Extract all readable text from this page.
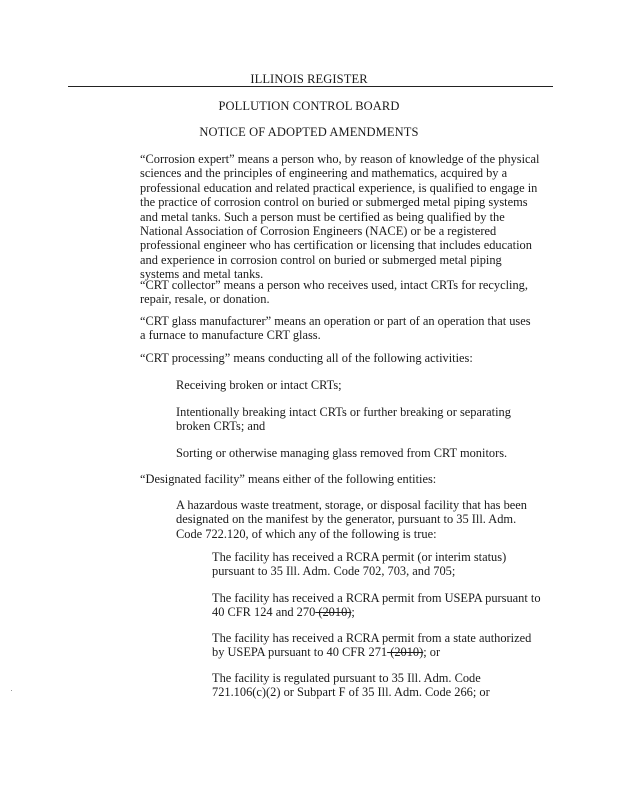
ILLINOIS REGISTER
POLLUTION CONTROL BOARD
NOTICE OF ADOPTED AMENDMENTS

“Corrosion expert” means a person who, by reason of knowledge of the physical sciences and the principles of engineering and mathematics, acquired by a professional education and related practical experience, is qualified to engage in the practice of corrosion control on buried or submerged metal piping systems and metal tanks. Such a person must be certified as being qualified by the National Association of Corrosion Engineers (NACE) or be a registered professional engineer who has certification or licensing that includes education and experience in corrosion control on buried or submerged metal piping systems and metal tanks.

“CRT collector” means a person who receives used, intact CRTs for recycling, repair, resale, or donation.

“CRT glass manufacturer” means an operation or part of an operation that uses a furnace to manufacture CRT glass.

“CRT processing” means conducting all of the following activities:

Receiving broken or intact CRTs;

Intentionally breaking intact CRTs or further breaking or separating broken CRTs; and

Sorting or otherwise managing glass removed from CRT monitors.

“Designated facility” means either of the following entities:

A hazardous waste treatment, storage, or disposal facility that has been designated on the manifest by the generator, pursuant to 35 Ill. Adm. Code 722.120, of which any of the following is true:

The facility has received a RCRA permit (or interim status) pursuant to 35 Ill. Adm. Code 702, 703, and 705;

The facility has received a RCRA permit from USEPA pursuant to 40 CFR 124 and 270 (2010);

The facility has received a RCRA permit from a state authorized by USEPA pursuant to 40 CFR 271 (2010); or

The facility is regulated pursuant to 35 Ill. Adm. Code 721.106(c)(2) or Subpart F of 35 Ill. Adm. Code 266; or
